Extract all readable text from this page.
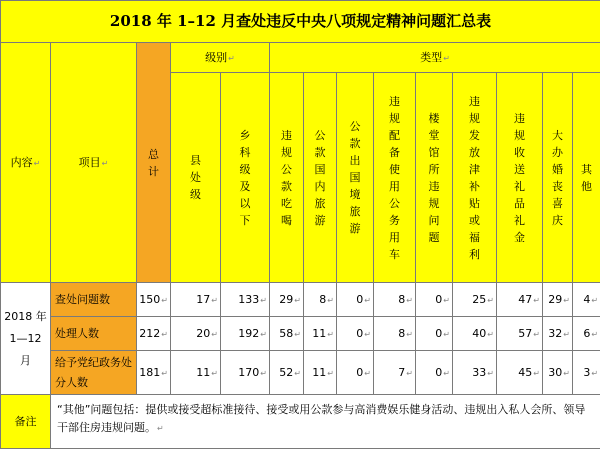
2018 年 1–12 月查处违反中央八项规定精神问题汇总表													
内容↵	项目↵	总计	级别↵		类型↵								
			县处级	乡科级及以下	违规公款吃喝	公款国内旅游	公款出国境旅游	违规配备使用公务用车	楼堂馆所违规问题	违规发放津补贴或福利	违规收送礼品礼金	大办婚丧喜庆	其他
2018 年 1—12 月	查处问题数	150↵	17↵	133↵	29↵	8↵	0↵	8↵	0↵	25↵	47↵	29↵	4↵
	处理人数	212↵	20↵	192↵	58↵	11↵	0↵	8↵	0↵	40↵	57↵	32↵	6↵
	给予党纪政务处分人数	181↵	11↵	170↵	52↵	11↵	0↵	7↵	0↵	33↵	45↵	30↵	3↵
备注	“其他”问题包括：提供或接受超标准接待、接受或用公款参与高消费娱乐健身活动、违规出入私人会所、领导干部住房违规问题。↵												
